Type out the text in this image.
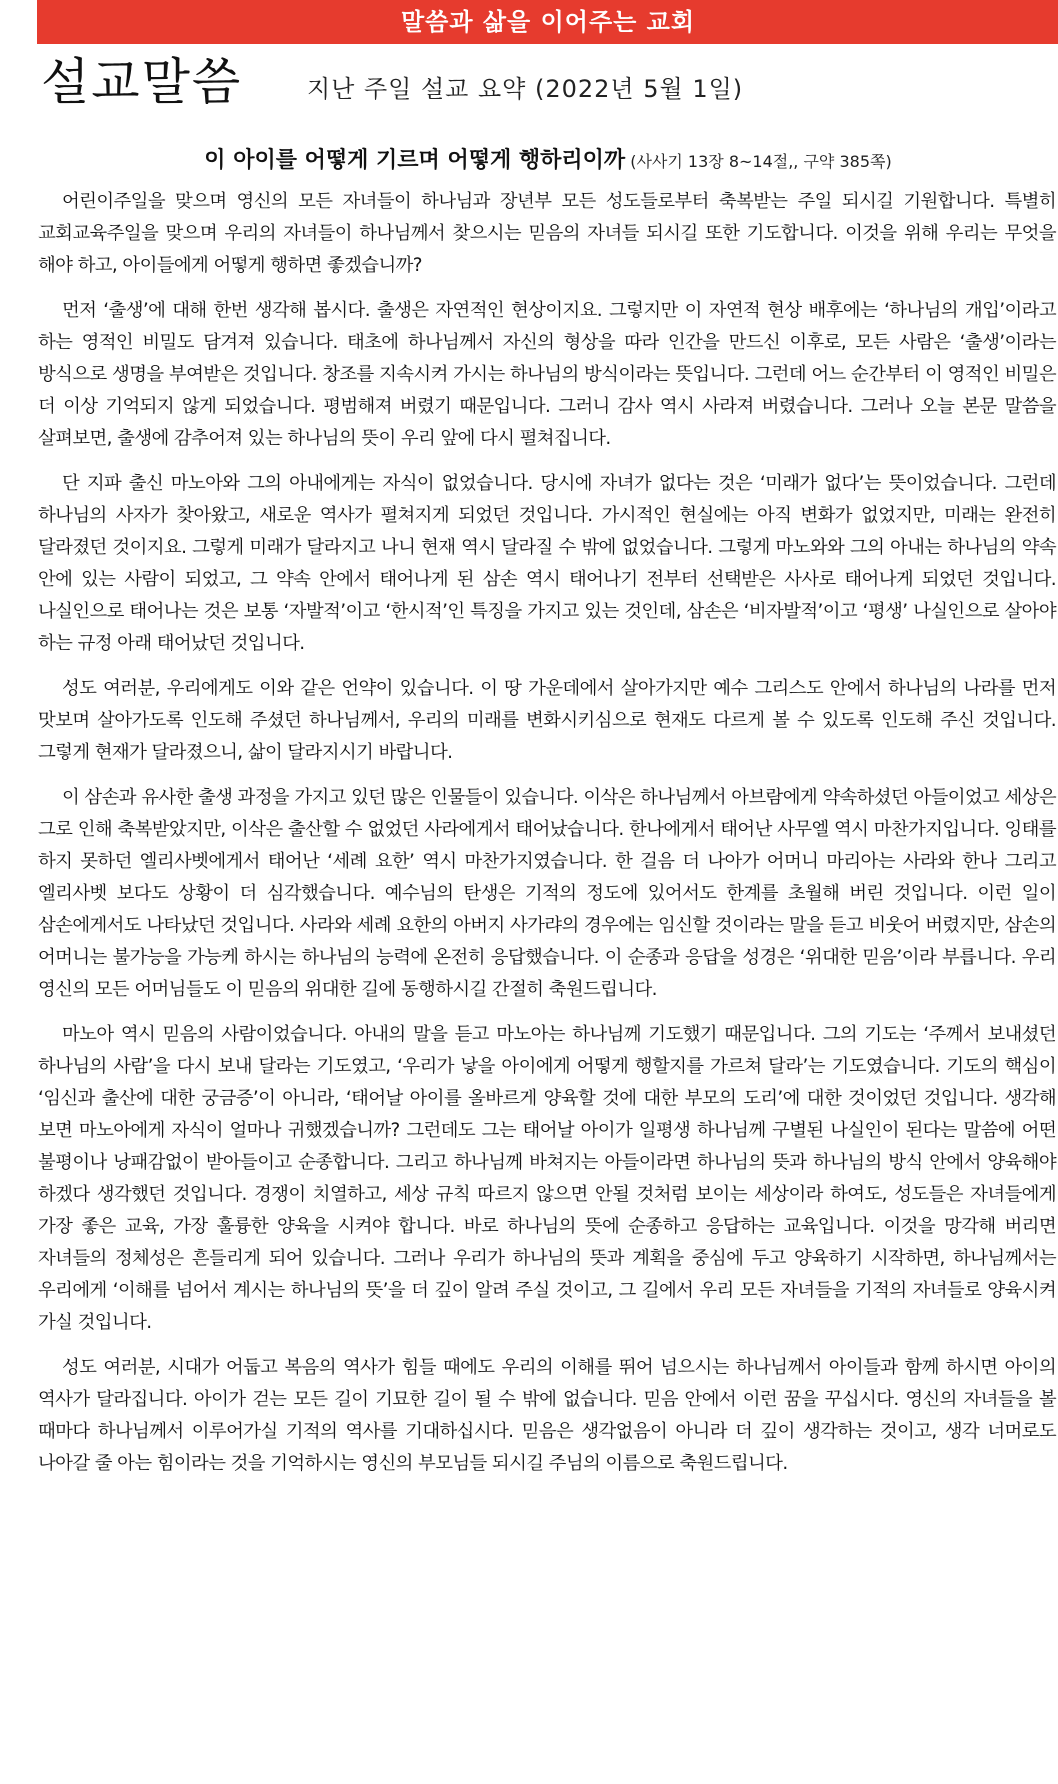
말씀과 삶을 이어주는 교회
설교말씀	지난 주일 설교 요약 (2022년 5월 1일)
이 아이를 어떻게 기르며 어떻게 행하리이까 (사사기 13장 8~14절,, 구약 385쪽)

어린이주일을 맞으며 영신의 모든 자녀들이 하나님과 장년부 모든 성도들로부터 축복받는 주일 되시길 기원합니다. 특별히 교회교육주일을 맞으며 우리의 자녀들이 하나님께서 찾으시는 믿음의 자녀들 되시길 또한 기도합니다. 이것을 위해 우리는 무엇을 해야 하고, 아이들에게 어떻게 행하면 좋겠습니까?

먼저 ‘출생’에 대해 한번 생각해 봅시다. 출생은 자연적인 현상이지요. 그렇지만 이 자연적 현상 배후에는 ‘하나님의 개입’이라고 하는 영적인 비밀도 담겨져 있습니다. 태초에 하나님께서 자신의 형상을 따라 인간을 만드신 이후로, 모든 사람은 ‘출생’이라는 방식으로 생명을 부여받은 것입니다. 창조를 지속시켜 가시는 하나님의 방식이라는 뜻입니다. 그런데 어느 순간부터 이 영적인 비밀은 더 이상 기억되지 않게 되었습니다. 평범해져 버렸기 때문입니다. 그러니 감사 역시 사라져 버렸습니다. 그러나 오늘 본문 말씀을 살펴보면, 출생에 감추어져 있는 하나님의 뜻이 우리 앞에 다시 펼쳐집니다.

단 지파 출신 마노아와 그의 아내에게는 자식이 없었습니다. 당시에 자녀가 없다는 것은 ‘미래가 없다’는 뜻이었습니다. 그런데 하나님의 사자가 찾아왔고, 새로운 역사가 펼쳐지게 되었던 것입니다. 가시적인 현실에는 아직 변화가 없었지만, 미래는 완전히 달라졌던 것이지요. 그렇게 미래가 달라지고 나니 현재 역시 달라질 수 밖에 없었습니다. 그렇게 마노와와 그의 아내는 하나님의 약속 안에 있는 사람이 되었고, 그 약속 안에서 태어나게 된 삼손 역시 태어나기 전부터 선택받은 사사로 태어나게 되었던 것입니다. 나실인으로 태어나는 것은 보통 ‘자발적’이고 ‘한시적’인 특징을 가지고 있는 것인데, 삼손은 ‘비자발적’이고 ‘평생’ 나실인으로 살아야 하는 규정 아래 태어났던 것입니다.

성도 여러분, 우리에게도 이와 같은 언약이 있습니다. 이 땅 가운데에서 살아가지만 예수 그리스도 안에서 하나님의 나라를 먼저 맛보며 살아가도록 인도해 주셨던 하나님께서, 우리의 미래를 변화시키심으로 현재도 다르게 볼 수 있도록 인도해 주신 것입니다. 그렇게 현재가 달라졌으니, 삶이 달라지시기 바랍니다.

이 삼손과 유사한 출생 과정을 가지고 있던 많은 인물들이 있습니다. 이삭은 하나님께서 아브람에게 약속하셨던 아들이었고 세상은 그로 인해 축복받았지만, 이삭은 출산할 수 없었던 사라에게서 태어났습니다. 한나에게서 태어난 사무엘 역시 마찬가지입니다. 잉태를 하지 못하던 엘리사벳에게서 태어난 ‘세례 요한’ 역시 마찬가지였습니다. 한 걸음 더 나아가 어머니 마리아는 사라와 한나 그리고 엘리사벳 보다도 상황이 더 심각했습니다. 예수님의 탄생은 기적의 정도에 있어서도 한계를 초월해 버린 것입니다. 이런 일이 삼손에게서도 나타났던 것입니다. 사라와 세례 요한의 아버지 사가랴의 경우에는 임신할 것이라는 말을 듣고 비웃어 버렸지만, 삼손의 어머니는 불가능을 가능케 하시는 하나님의 능력에 온전히 응답했습니다. 이 순종과 응답을 성경은 ‘위대한 믿음’이라 부릅니다. 우리 영신의 모든 어머님들도 이 믿음의 위대한 길에 동행하시길 간절히 축원드립니다.

마노아 역시 믿음의 사람이었습니다. 아내의 말을 듣고 마노아는 하나님께 기도했기 때문입니다. 그의 기도는 ‘주께서 보내셨던 하나님의 사람’을 다시 보내 달라는 기도였고, ‘우리가 낳을 아이에게 어떻게 행할지를 가르쳐 달라’는 기도였습니다. 기도의 핵심이 ‘임신과 출산에 대한 궁금증’이 아니라, ‘태어날 아이를 올바르게 양육할 것에 대한 부모의 도리’에 대한 것이었던 것입니다. 생각해 보면 마노아에게 자식이 얼마나 귀했겠습니까? 그런데도 그는 태어날 아이가 일평생 하나님께 구별된 나실인이 된다는 말씀에 어떤 불평이나 낭패감없이 받아들이고 순종합니다. 그리고 하나님께 바쳐지는 아들이라면 하나님의 뜻과 하나님의 방식 안에서 양육해야 하겠다 생각했던 것입니다. 경쟁이 치열하고, 세상 규칙 따르지 않으면 안될 것처럼 보이는 세상이라 하여도, 성도들은 자녀들에게 가장 좋은 교육, 가장 훌륭한 양육을 시켜야 합니다. 바로 하나님의 뜻에 순종하고 응답하는 교육입니다. 이것을 망각해 버리면 자녀들의 정체성은 흔들리게 되어 있습니다. 그러나 우리가 하나님의 뜻과 계획을 중심에 두고 양육하기 시작하면, 하나님께서는 우리에게 ‘이해를 넘어서 계시는 하나님의 뜻’을 더 깊이 알려 주실 것이고, 그 길에서 우리 모든 자녀들을 기적의 자녀들로 양육시켜 가실 것입니다.

성도 여러분, 시대가 어둡고 복음의 역사가 힘들 때에도 우리의 이해를 뛰어 넘으시는 하나님께서 아이들과 함께 하시면 아이의 역사가 달라집니다. 아이가 걷는 모든 길이 기묘한 길이 될 수 밖에 없습니다. 믿음 안에서 이런 꿈을 꾸십시다. 영신의 자녀들을 볼 때마다 하나님께서 이루어가실 기적의 역사를 기대하십시다. 믿음은 생각없음이 아니라 더 깊이 생각하는 것이고, 생각 너머로도 나아갈 줄 아는 힘이라는 것을 기억하시는 영신의 부모님들 되시길 주님의 이름으로 축원드립니다.
